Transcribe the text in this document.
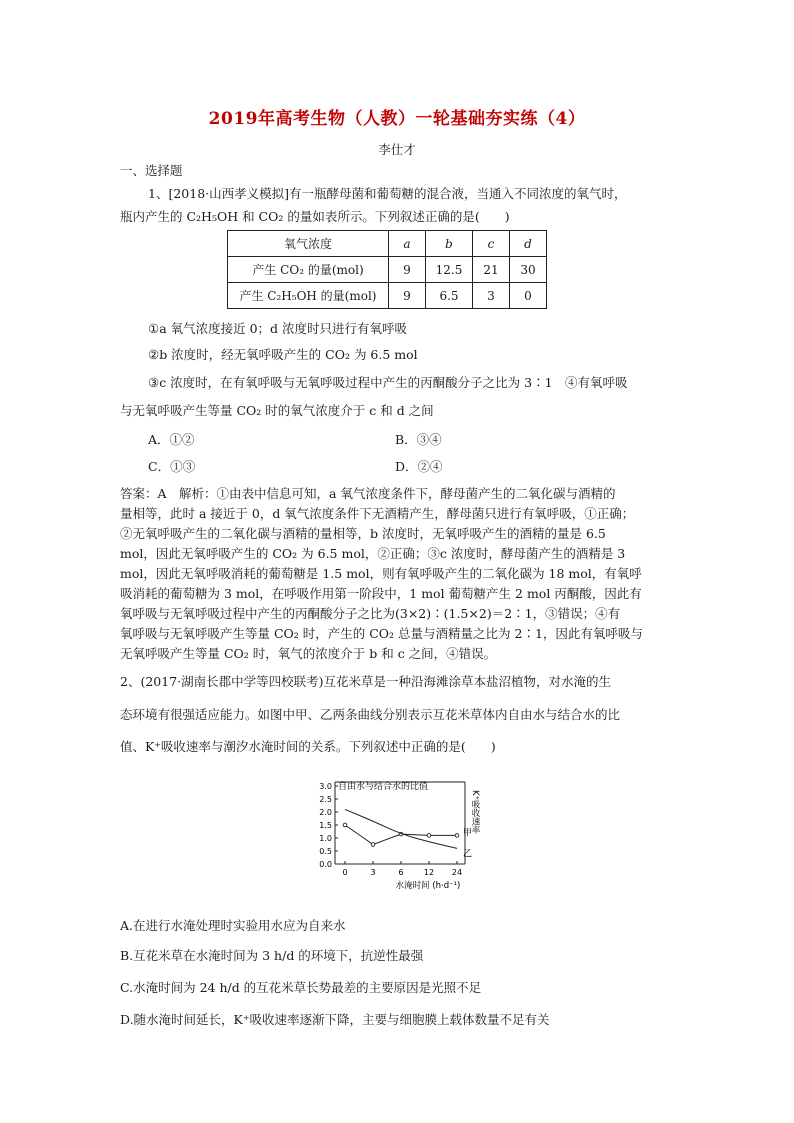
2019年高考生物（人教）一轮基础夯实练（4）
李仕才
一、选择题
1、[2018·山西孝义模拟]有一瓶酵母菌和葡萄糖的混合液，当通入不同浓度的氧气时，
瓶内产生的 C₂H₅OH 和 CO₂ 的量如表所示。下列叙述正确的是(　　)
氧气浓度	a	b	c	d
产生 CO₂ 的量(mol)	9	12.5	21	30
产生 C₂H₅OH 的量(mol)	9	6.5	3	0
①a 氧气浓度接近 0；d 浓度时只进行有氧呼吸
②b 浓度时，经无氧呼吸产生的 CO₂ 为 6.5 mol
③c 浓度时，在有氧呼吸与无氧呼吸过程中产生的丙酮酸分子之比为 3∶1　④有氧呼吸
与无氧呼吸产生等量 CO₂ 时的氧气浓度介于 c 和 d 之间
A．①②	B．③④
C．①③	D．②④
答案：A　解析：①由表中信息可知，a 氧气浓度条件下，酵母菌产生的二氧化碳与酒精的
量相等，此时 a 接近于 0，d 氧气浓度条件下无酒精产生，酵母菌只进行有氧呼吸，①正确；
②无氧呼吸产生的二氧化碳与酒精的量相等，b 浓度时，无氧呼吸产生的酒精的量是 6.5
mol，因此无氧呼吸产生的 CO₂ 为 6.5 mol，②正确；③c 浓度时，酵母菌产生的酒精是 3
mol，因此无氧呼吸消耗的葡萄糖是 1.5 mol，则有氧呼吸产生的二氧化碳为 18 mol，有氧呼
吸消耗的葡萄糖为 3 mol，在呼吸作用第一阶段中，1 mol 葡萄糖产生 2 mol 丙酮酸，因此有
氧呼吸与无氧呼吸过程中产生的丙酮酸分子之比为(3×2)∶(1.5×2)＝2∶1，③错误；④有
氧呼吸与无氧呼吸产生等量 CO₂ 时，产生的 CO₂ 总量与酒精量之比为 2∶1，因此有氧呼吸与
无氧呼吸产生等量 CO₂ 时，氧气的浓度介于 b 和 c 之间，④错误。
2、(2017·湖南长郡中学等四校联考)互花米草是一种沿海滩涂草本盐沼植物，对水淹的生
态环境有很强适应能力。如图中甲、乙两条曲线分别表示互花米草体内自由水与结合水的比
值、K⁺吸收速率与潮汐水淹时间的关系。下列叙述中正确的是(　　)
3.0
2.5
2.0
1.5
1.0
0.5
0.0
0	3	6	12 24
自由水与结合水的比值
水淹时间 (h·d⁻¹)
K⁺吸收速率
甲
乙
A.在进行水淹处理时实验用水应为自来水
B.互花米草在水淹时间为 3 h/d 的环境下，抗逆性最强
C.水淹时间为 24 h/d 的互花米草长势最差的主要原因是光照不足
D.随水淹时间延长，K⁺吸收速率逐渐下降，主要与细胞膜上载体数量不足有关
